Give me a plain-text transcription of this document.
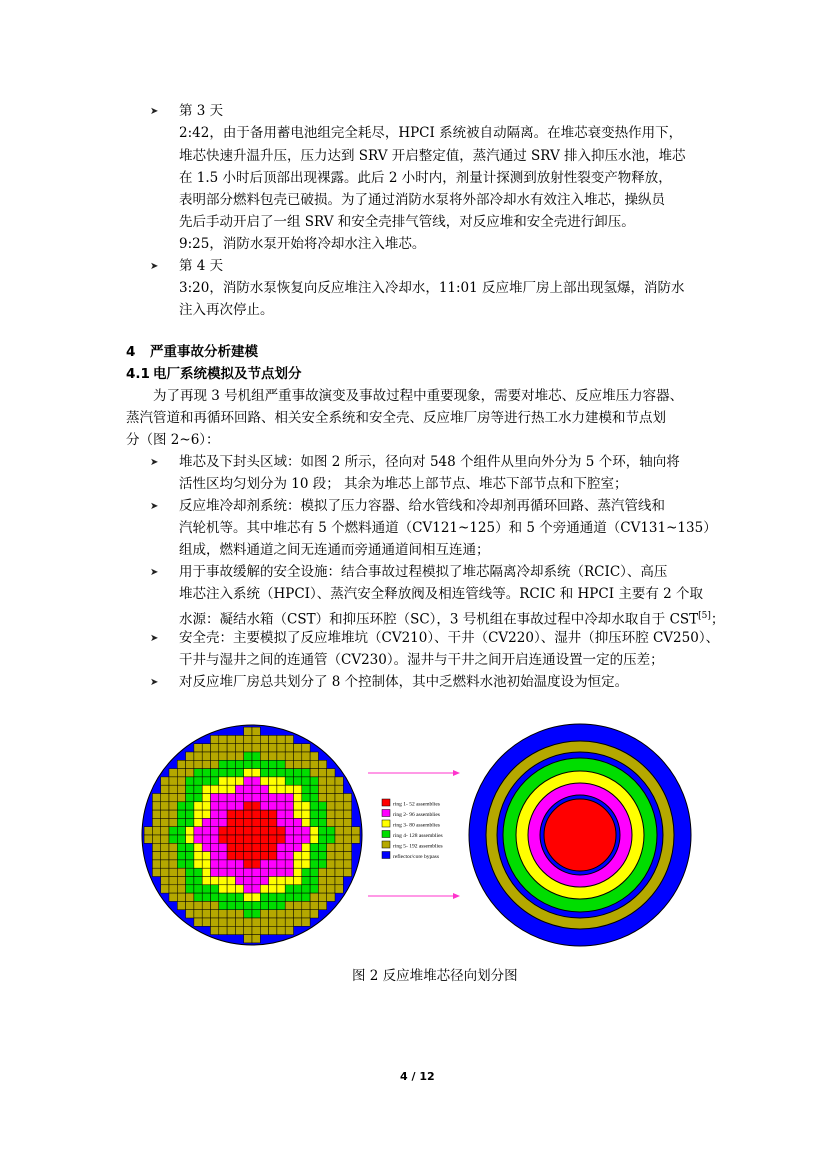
➤ 第 3 天
2:42，由于备用蓄电池组完全耗尽，HPCI 系统被自动隔离。在堆芯衰变热作用下，
堆芯快速升温升压，压力达到 SRV 开启整定值，蒸汽通过 SRV 排入抑压水池，堆芯
在 1.5 小时后顶部出现裸露。此后 2 小时内，剂量计探测到放射性裂变产物释放，
表明部分燃料包壳已破损。为了通过消防水泵将外部冷却水有效注入堆芯，操纵员
先后手动开启了一组 SRV 和安全壳排气管线，对反应堆和安全壳进行卸压。
9:25，消防水泵开始将冷却水注入堆芯。
➤ 第 4 天
3:20，消防水泵恢复向反应堆注入冷却水，11:01 反应堆厂房上部出现氢爆，消防水
注入再次停止。
4 严重事故分析建模
4.1 电厂系统模拟及节点划分
为了再现 3 号机组严重事故演变及事故过程中重要现象，需要对堆芯、反应堆压力容器、
蒸汽管道和再循环回路、相关安全系统和安全壳、反应堆厂房等进行热工水力建模和节点划
分（图 2~6）：
➤ 堆芯及下封头区域：如图 2 所示，径向对 548 个组件从里向外分为 5 个环，轴向将
活性区均匀划分为 10 段； 其余为堆芯上部节点、堆芯下部节点和下腔室；
➤ 反应堆冷却剂系统：模拟了压力容器、给水管线和冷却剂再循环回路、蒸汽管线和
汽轮机等。其中堆芯有 5 个燃料通道（CV121~125）和 5 个旁通通道（CV131~135）
组成，燃料通道之间无连通而旁通通道间相互连通；
➤ 用于事故缓解的安全设施：结合事故过程模拟了堆芯隔离冷却系统（RCIC）、高压
堆芯注入系统（HPCI）、蒸汽安全释放阀及相连管线等。RCIC 和 HPCI 主要有 2 个取
水源：凝结水箱（CST）和抑压环腔（SC），3 号机组在事故过程中冷却水取自于 CST[5]；
➤ 安全壳：主要模拟了反应堆堆坑（CV210）、干井（CV220）、湿井（抑压环腔 CV250）、
干井与湿井之间的连通管（CV230）。湿井与干井之间开启连通设置一定的压差；
➤ 对反应堆厂房总共划分了 8 个控制体，其中乏燃料水池初始温度设为恒定。
ring 1- 52 assemblies
ring 2- 96 assemblies
ring 3- 80 assemblies
ring 4- 128 assemblies
ring 5- 192 assemblies
reflector/core bypass
图 2 反应堆堆芯径向划分图
4 / 12
